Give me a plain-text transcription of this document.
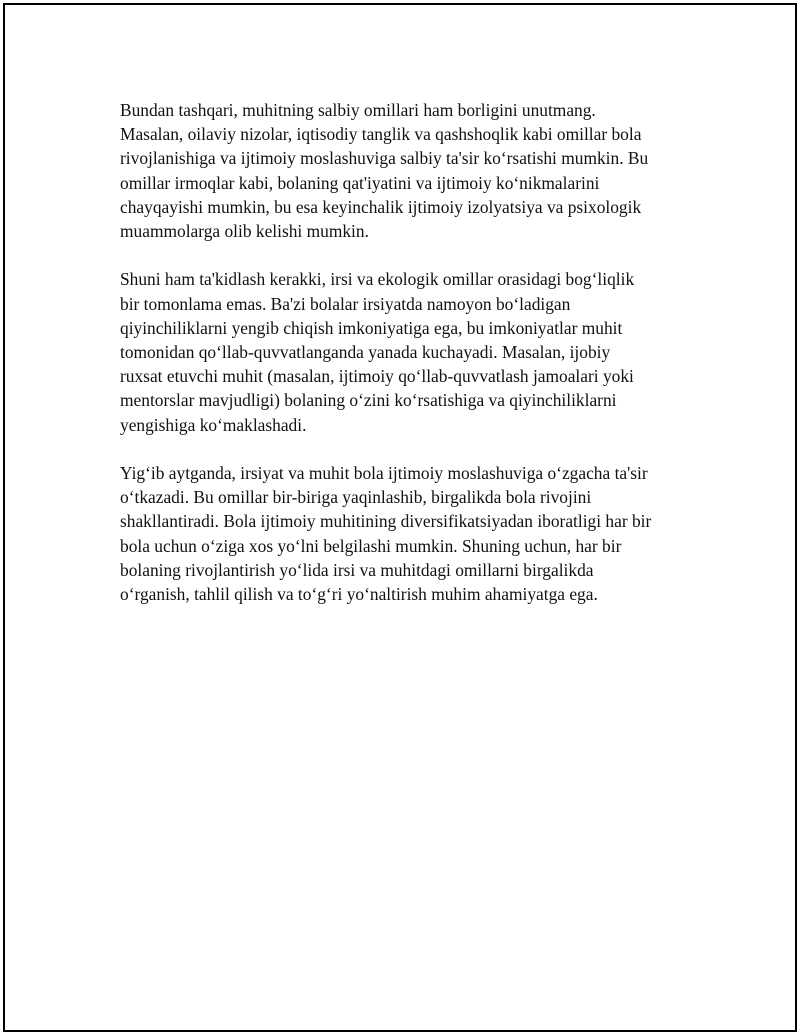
Bundan tashqari, muhitning salbiy omillari ham borligini unutmang.
Masalan, oilaviy nizolar, iqtisodiy tanglik va qashshoqlik kabi omillar bola
rivojlanishiga va ijtimoiy moslashuviga salbiy ta'sir ko‘rsatishi mumkin. Bu
omillar irmoqlar kabi, bolaning qat'iyatini va ijtimoiy ko‘nikmalarini
chayqayishi mumkin, bu esa keyinchalik ijtimoiy izolyatsiya va psixologik
muammolarga olib kelishi mumkin.

Shuni ham ta'kidlash kerakki, irsi va ekologik omillar orasidagi bog‘liqlik
bir tomonlama emas. Ba'zi bolalar irsiyatda namoyon bo‘ladigan
qiyinchiliklarni yengib chiqish imkoniyatiga ega, bu imkoniyatlar muhit
tomonidan qo‘llab-quvvatlanganda yanada kuchayadi. Masalan, ijobiy
ruxsat etuvchi muhit (masalan, ijtimoiy qo‘llab-quvvatlash jamoalari yoki
mentorslar mavjudligi) bolaning o‘zini ko‘rsatishiga va qiyinchiliklarni
yengishiga ko‘maklashadi.

Yig‘ib aytganda, irsiyat va muhit bola ijtimoiy moslashuviga o‘zgacha ta'sir
o‘tkazadi. Bu omillar bir-biriga yaqinlashib, birgalikda bola rivojini
shakllantiradi. Bola ijtimoiy muhitining diversifikatsiyadan iboratligi har bir
bola uchun o‘ziga xos yo‘lni belgilashi mumkin. Shuning uchun, har bir
bolaning rivojlantirish yo‘lida irsi va muhitdagi omillarni birgalikda
o‘rganish, tahlil qilish va to‘g‘ri yo‘naltirish muhim ahamiyatga ega.
